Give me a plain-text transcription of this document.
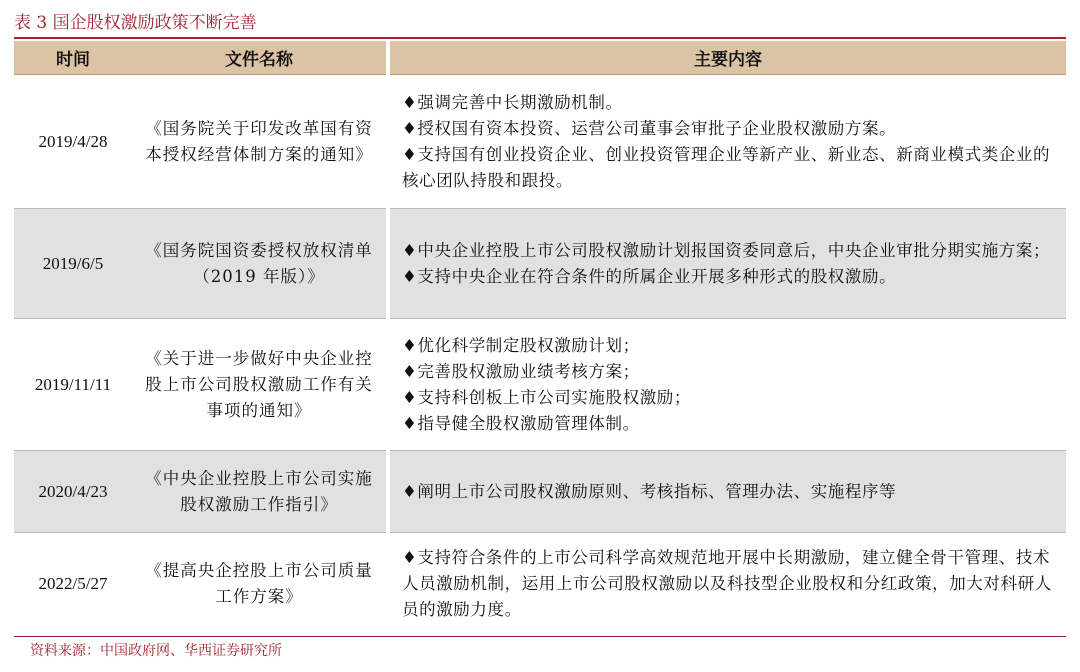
表 3 国企股权激励政策不断完善
时间	文件名称	主要内容
2019/4/28	《国务院关于印发改革国有资本授权经营体制方案的通知》	♦强调完善中长期激励机制。
♦授权国有资本投资、运营公司董事会审批子企业股权激励方案。
♦支持国有创业投资企业、创业投资管理企业等新产业、新业态、新商业模式类企业的核心团队持股和跟投。

2019/6/5	《国务院国资委授权放权清单（2019 年版）》	♦中央企业控股上市公司股权激励计划报国资委同意后，中央企业审批分期实施方案；
♦支持中央企业在符合条件的所属企业开展多种形式的股权激励。

2019/11/11	《关于进一步做好中央企业控股上市公司股权激励工作有关事项的通知》	♦优化科学制定股权激励计划；
♦完善股权激励业绩考核方案；
♦支持科创板上市公司实施股权激励；
♦指导健全股权激励管理体制。

2020/4/23	《中央企业控股上市公司实施股权激励工作指引》	♦阐明上市公司股权激励原则、考核指标、管理办法、实施程序等

2022/5/27	《提高央企控股上市公司质量工作方案》	♦支持符合条件的上市公司科学高效规范地开展中长期激励，建立健全骨干管理、技术人员激励机制，运用上市公司股权激励以及科技型企业股权和分红政策，加大对科研人员的激励力度。
资料来源：中国政府网、华西证券研究所
